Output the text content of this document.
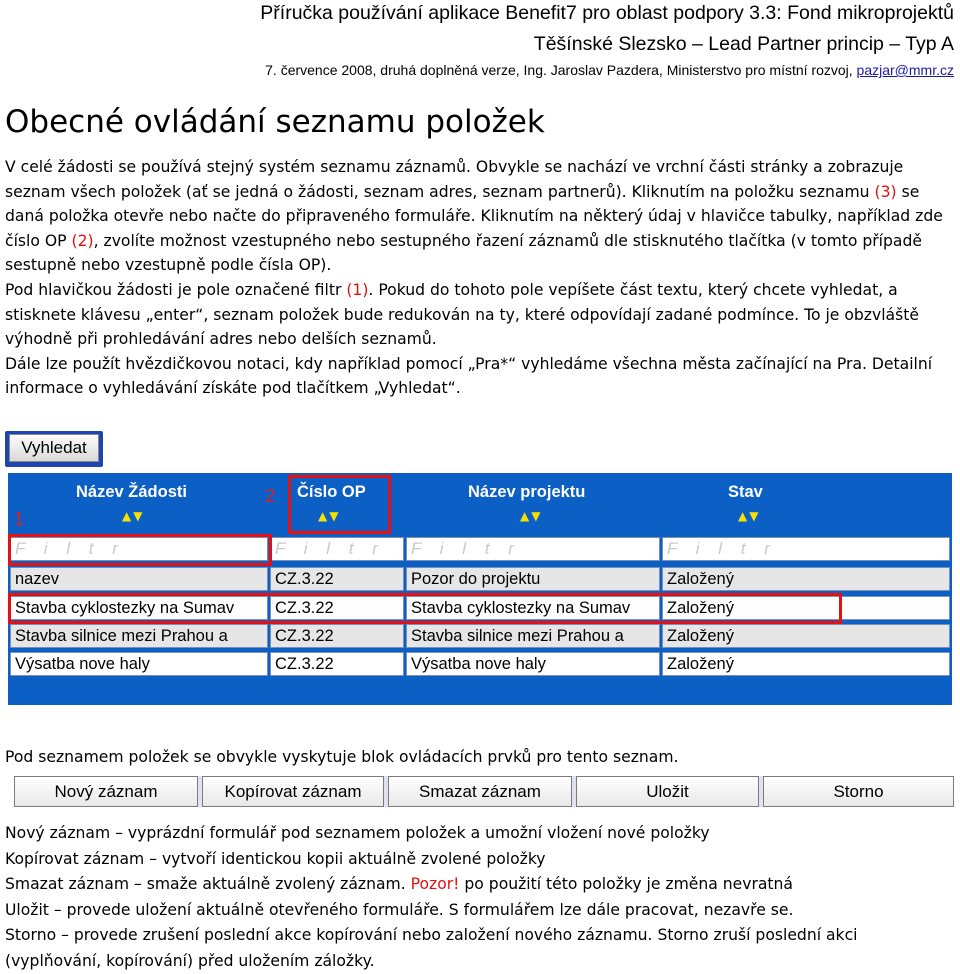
Příručka používání aplikace Benefit7 pro oblast podpory 3.3: Fond mikroprojektů
Těšínské Slezsko – Lead Partner princip – Typ A
7. července 2008, druhá doplněná verze, Ing. Jaroslav Pazdera, Ministerstvo pro místní rozvoj, pazjar@mmr.cz
Obecné ovládání seznamu položek

V celé žádosti se používá stejný systém seznamu záznamů. Obvykle se nachází ve vrchní části stránky a zobrazuje seznam všech položek (ať se jedná o žádosti, seznam adres, seznam partnerů). Kliknutím na položku seznamu (3) se daná položka otevře nebo načte do připraveného formuláře. Kliknutím na některý údaj v hlavičce tabulky, například zde číslo OP (2), zvolíte možnost vzestupného nebo sestupného řazení záznamů dle stisknutého tlačítka (v tomto případě sestupně nebo vzestupně podle čísla OP).

Pod hlavičkou žádosti je pole označené filtr (1). Pokud do tohoto pole vepíšete část textu, který chcete vyhledat, a stisknete klávesu „enter“, seznam položek bude redukován na ty, které odpovídají zadané podmínce. To je obzvláště výhodně při prohledávání adres nebo delších seznamů.

Dále lze použít hvězdičkovou notaci, kdy například pomocí „Pra*“ vyhledáme všechna města začínající na Pra. Detailní informace o vyhledávání získáte pod tlačítkem „Vyhledat“.

Vyhledat
Název Žádosti	Číslo OP	Název projektu	Stav
▲▼	▲▼	▲▼	▲▼
1
2
F i l t r	F i l t r	F i l t r	F i l t r
nazev	CZ.3.22	Pozor do projektu	Založený
Stavba cyklostezky na Sumav	CZ.3.22	Stavba cyklostezky na Sumav	Založený
Stavba silnice mezi Prahou a	CZ.3.22	Stavba silnice mezi Prahou a	Založený
Výsatba nove haly	CZ.3.22	Výsatba nove haly	Založený

Pod seznamem položek se obvykle vyskytuje blok ovládacích prvků pro tento seznam.

Nový záznam	Kopírovat záznam	Smazat záznam	Uložit	Storno

Nový záznam – vyprázdní formulář pod seznamem položek a umožní vložení nové položky

Kopírovat záznam – vytvoří identickou kopii aktuálně zvolené položky

Smazat záznam – smaže aktuálně zvolený záznam. Pozor! po použití této položky je změna nevratná

Uložit – provede uložení aktuálně otevřeného formuláře. S formulářem lze dále pracovat, nezavře se.

Storno – provede zrušení poslední akce kopírování nebo založení nového záznamu. Storno zruší poslední akci (vyplňování, kopírování) před uložením záložky.
